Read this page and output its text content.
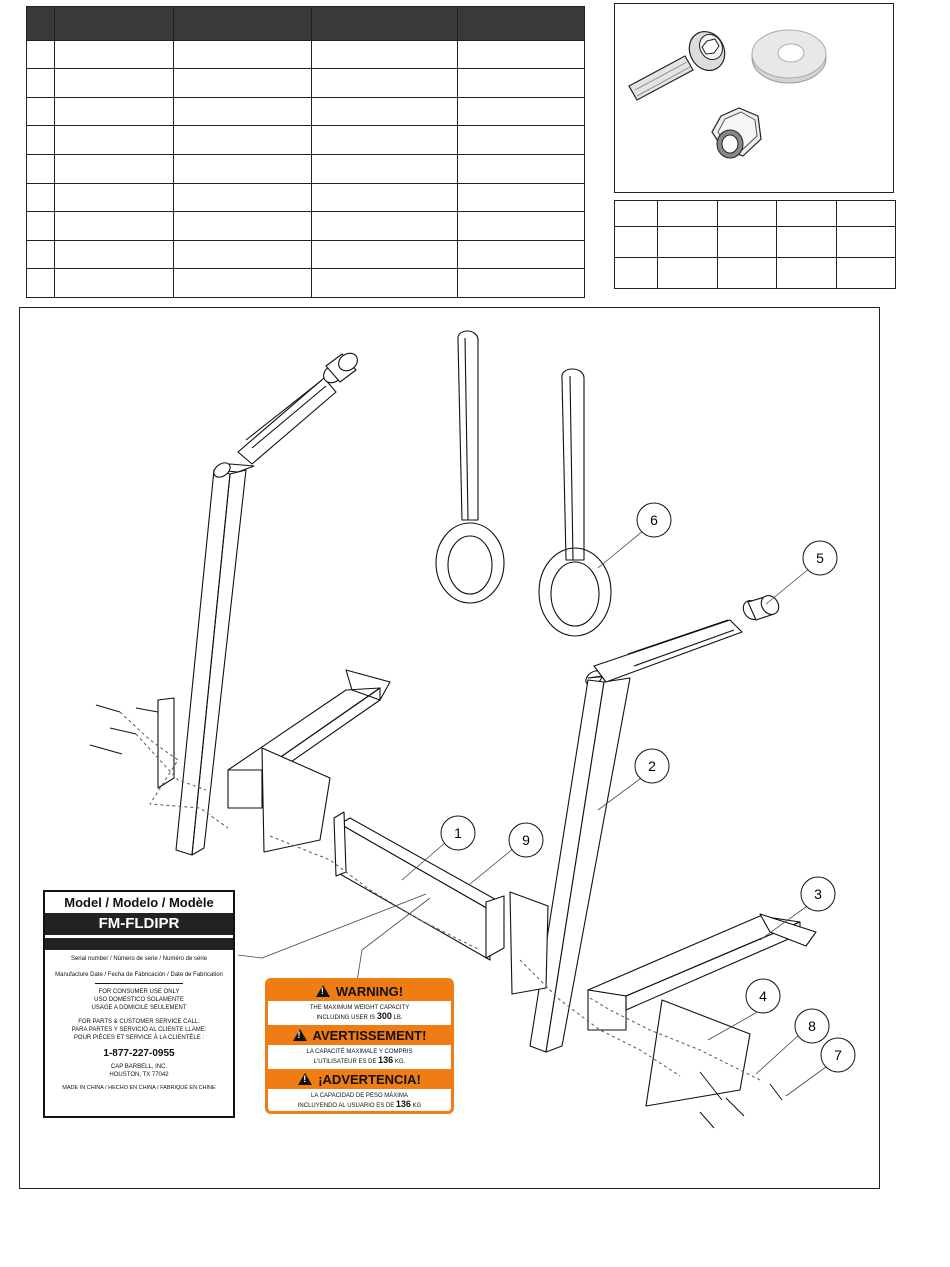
1
2
3
4
5
6
7
8
9
Model / Modelo / Modèle
FM-FLDIPR
Serial number / Número de serie / Numéro de série
Manufacture Date / Fecha de Fabricación / Date de Fabrication
FOR CONSUMER USE ONLY
USO DOMESTICO SOLAMENTE
USAGE A DOMICILE SEULEMENT
FOR PARTS & CUSTOMER SERVICE CALL:
PARA PARTES Y SERVICIO AL CLIENTE LLAME:
POUR PIÈCES ET SERVICE À LA CLIENTÈLE :
1-877-227-0955
CAP BARBELL, INC.
HOUSTON, TX 77042
MADE IN CHINA / HECHO EN CHINA / FABRIQUÉ EN CHINE
!
WARNING!
THE MAXIMUM WEIGHT CAPACITY
INCLUDING USER IS 300 LB.
!
AVERTISSEMENT!
LA CAPACITÉ MAXIMALE Y COMPRIS
L'UTILISATEUR ES DE 136 KG.
!
¡ADVERTENCIA!
LA CAPACIDAD DE PESO MÁXIMA
INCLUYENDO AL USUARIO ES DE 136 KG
